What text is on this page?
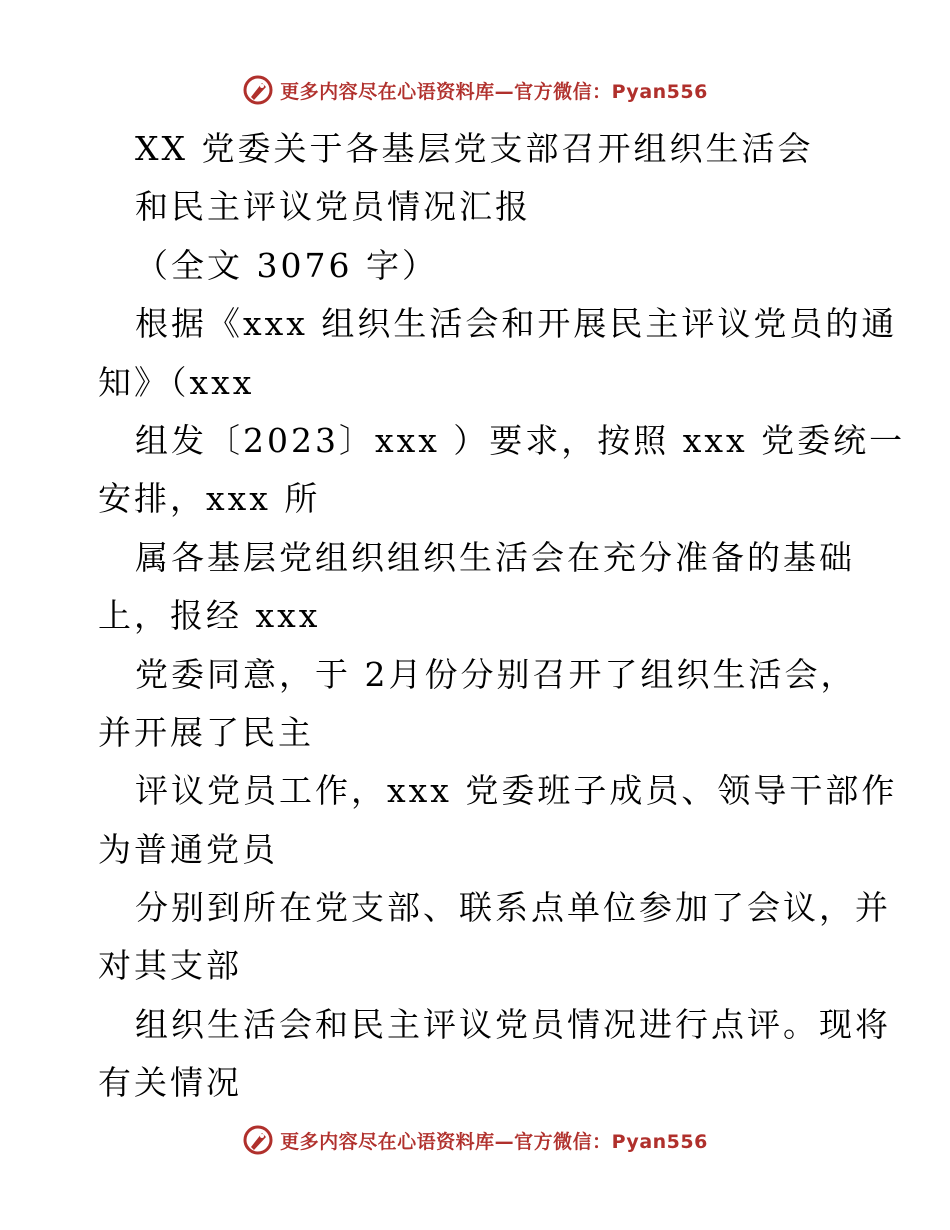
更多内容尽在心语资料库—官方微信：Pyan556
XX 党委关于各基层党支部召开组织生活会
和民主评议党员情况汇报
（全文 3076 字）
根据《xxx 组织生活会和开展民主评议党员的通
知》（xxx
组发〔2023〕xxx ）要求，按照 xxx 党委统一
安排，xxx 所
属各基层党组织组织生活会在充分准备的基础
上，报经 xxx
党委同意，于 2月份分别召开了组织生活会，
并开展了民主
评议党员工作，xxx 党委班子成员、领导干部作
为普通党员
分别到所在党支部、联系点单位参加了会议，并
对其支部
组织生活会和民主评议党员情况进行点评。现将
有关情况
更多内容尽在心语资料库—官方微信：Pyan556
